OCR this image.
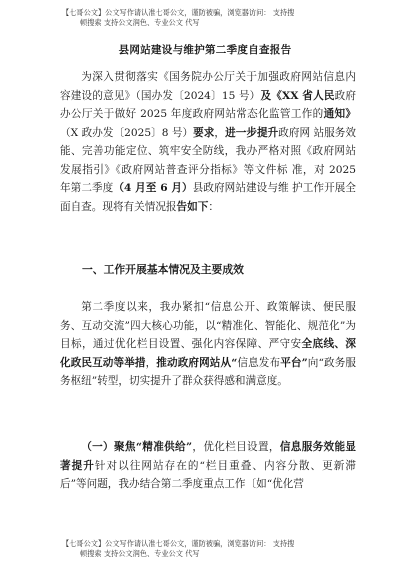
【七哥公文】公文写作请认准七哥公文，谨防被骗，浏览器访问： 支持搜
顿搜索 支持公文润色、专业公文 代写
县网站建设与维护第二季度自查报告

为深入贯彻落实《国务院办公厅关于加强政府网站信息内容建设的意见》（国办发〔2024〕15 号）及《XX 省人民政府办公厅关于做好 2025 年度政府网站常态化监管工作的通知》（X 政办发〔2025〕8 号）要求，进一步提升政府网 站服务效能、完善功能定位、筑牢安全防线，我办严格对照《政府网站发展指引》《政府网站普查评分指标》等文件标 准，对 2025 年第二季度（4 月至 6 月）县政府网站建设与维 护工作开展全面自查。现将有关情况报告如下：

一、工作开展基本情况及主要成效

第二季度以来，我办紧扣“信息公开、政策解读、便民服务、互动交流”四大核心功能，以“精准化、智能化、规范化”为 目标，通过优化栏目设置、强化内容保障、严守安全底线、深化政民互动等举措，推动政府网站从“信息发布平台”向“政务服务枢纽”转型，切实提升了群众获得感和满意度。

（一）聚焦“精准供给”，优化栏目设置，信息服务效能显著提升针对以往网站存在的“栏目重叠、内容分散、更新滞后”等问题，我办结合第二季度重点工作〔如“优化营

【七哥公文】公文写作请认准七哥公文，谨防被骗，浏览器访问： 支持搜
顿搜索 支持公文润色、专业公文 代写
